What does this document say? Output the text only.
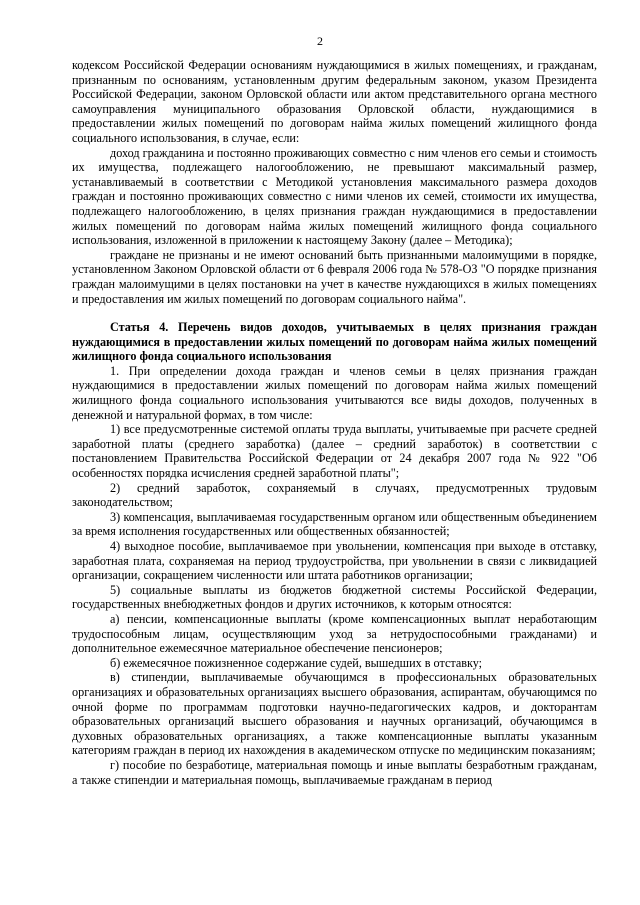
2

кодексом Российской Федерации основаниям нуждающимися в жилых помещениях, и гражданам, признанным по основаниям, установленным другим федеральным законом, указом Президента Российской Федерации, законом Орловской области или актом представительного органа местного самоуправления муниципального образования Орловской области, нуждающимися в предоставлении жилых помещений по договорам найма жилых помещений жилищного фонда социального использования, в случае, если:

доход гражданина и постоянно проживающих совместно с ним членов его семьи и стоимость их имущества, подлежащего налогообложению, не превышают максимальный размер, устанавливаемый в соответствии с Методикой установления максимального размера доходов граждан и постоянно проживающих совместно с ними членов их семей, стоимости их имущества, подлежащего налогообложению, в целях признания граждан нуждающимися в предоставлении жилых помещений по договорам найма жилых помещений жилищного фонда социального использования, изложенной в приложении к настоящему Закону (далее – Методика);

граждане не признаны и не имеют оснований быть признанными малоимущими в порядке, установленном Законом Орловской области от 6 февраля 2006 года № 578-ОЗ "О порядке признания граждан малоимущими в целях постановки на учет в качестве нуждающихся в жилых помещениях и предоставления им жилых помещений по договорам социального найма".

Статья 4. Перечень видов доходов, учитываемых в целях признания граждан нуждающимися в предоставлении жилых помещений по договорам найма жилых помещений жилищного фонда социального использования

1. При определении дохода граждан и членов семьи в целях признания граждан нуждающимися в предоставлении жилых помещений по договорам найма жилых помещений жилищного фонда социального использования учитываются все виды доходов, полученных в денежной и натуральной формах, в том числе:

1) все предусмотренные системой оплаты труда выплаты, учитываемые при расчете средней заработной платы (среднего заработка) (далее – средний заработок) в соответствии с постановлением Правительства Российской Федерации от 24 декабря 2007 года № 922 "Об особенностях порядка исчисления средней заработной платы";

2) средний заработок, сохраняемый в случаях, предусмотренных трудовым законодательством;

3) компенсация, выплачиваемая государственным органом или общественным объединением за время исполнения государственных или общественных обязанностей;

4) выходное пособие, выплачиваемое при увольнении, компенсация при выходе в отставку, заработная плата, сохраняемая на период трудоустройства, при увольнении в связи с ликвидацией организации, сокращением численности или штата работников организации;

5) социальные выплаты из бюджетов бюджетной системы Российской Федерации, государственных внебюджетных фондов и других источников, к которым относятся:

а) пенсии, компенсационные выплаты (кроме компенсационных выплат неработающим трудоспособным лицам, осуществляющим уход за нетрудоспособными гражданами) и дополнительное ежемесячное материальное обеспечение пенсионеров;

б) ежемесячное пожизненное содержание судей, вышедших в отставку;

в) стипендии, выплачиваемые обучающимся в профессиональных образовательных организациях и образовательных организациях высшего образования, аспирантам, обучающимся по очной форме по программам подготовки научно-педагогических кадров, и докторантам образовательных организаций высшего образования и научных организаций, обучающимся в духовных образовательных организациях, а также компенсационные выплаты указанным категориям граждан в период их нахождения в академическом отпуске по медицинским показаниям;

г) пособие по безработице, материальная помощь и иные выплаты безработным гражданам, а также стипендии и материальная помощь, выплачиваемые гражданам в период
